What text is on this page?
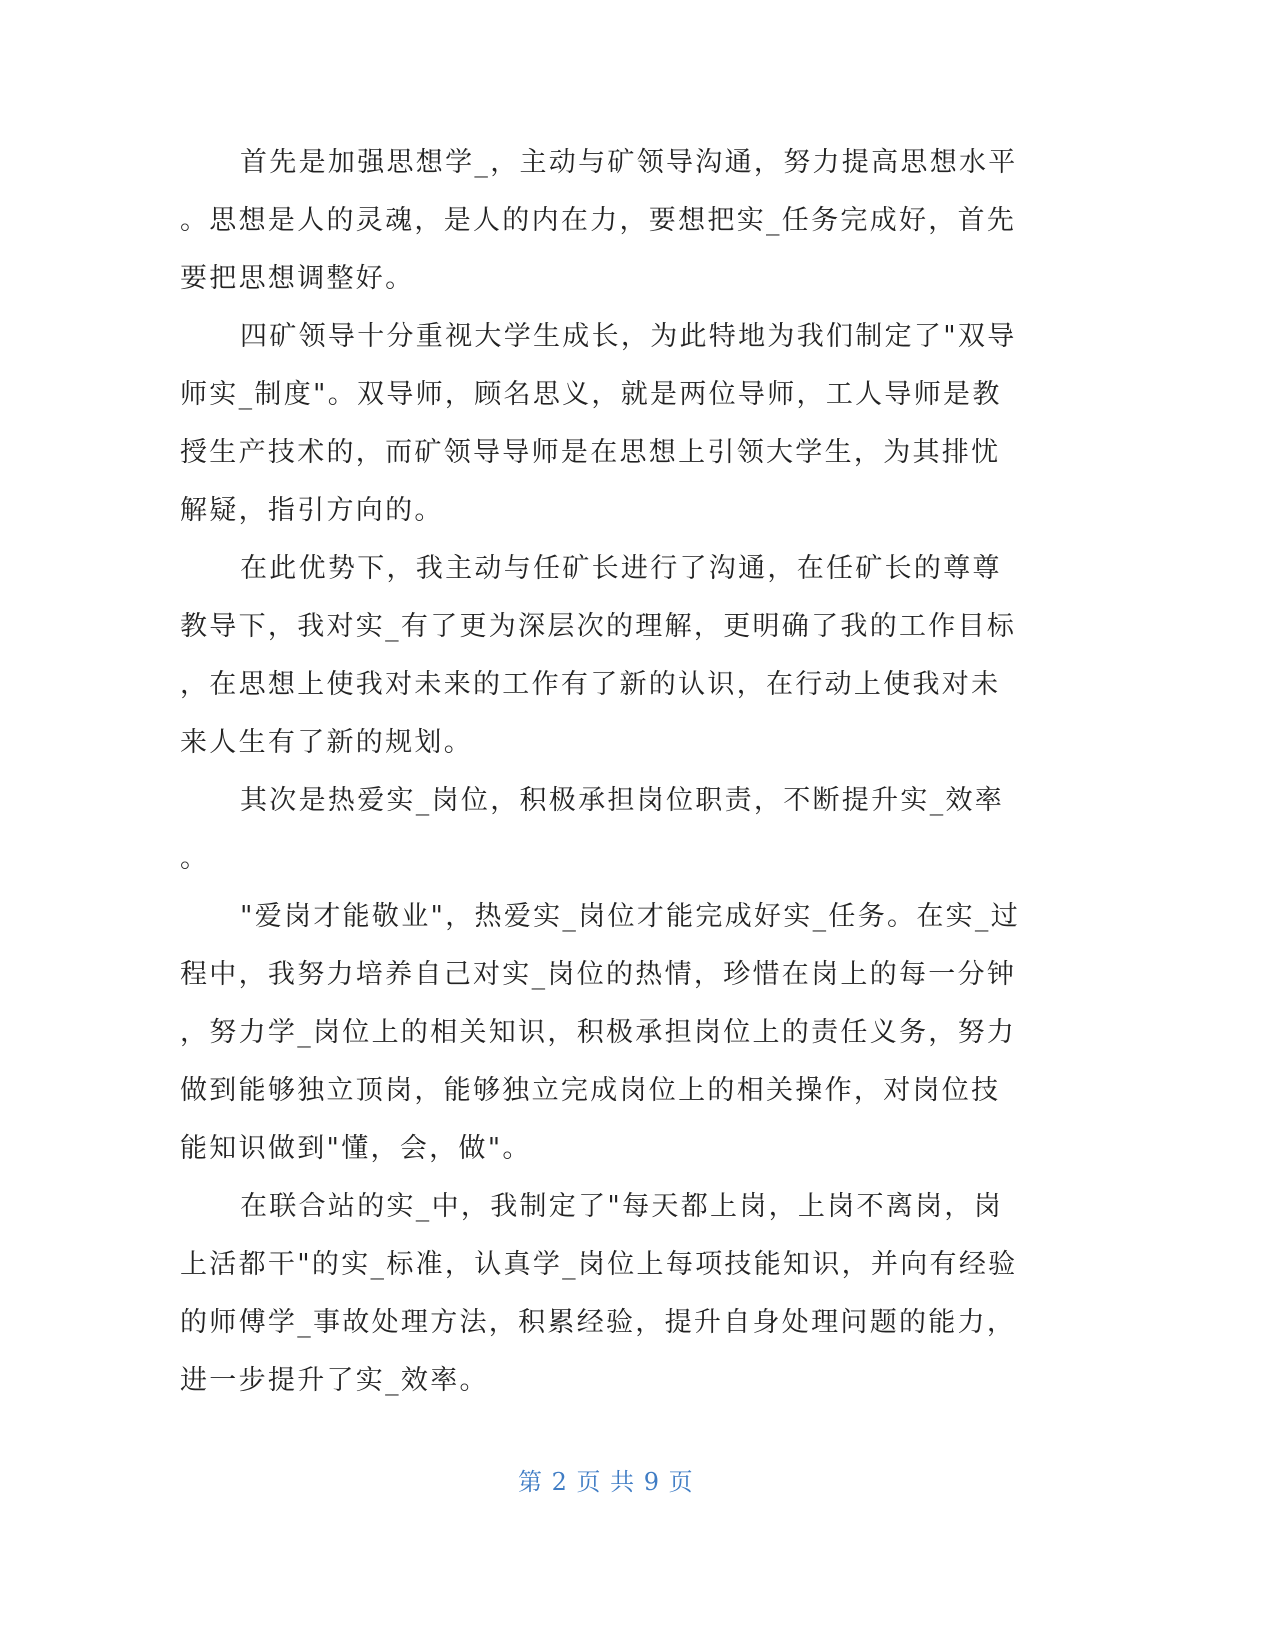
首先是加强思想学_，主动与矿领导沟通，努力提高思想水平
。思想是人的灵魂，是人的内在力，要想把实_任务完成好，首先
要把思想调整好。
四矿领导十分重视大学生成长，为此特地为我们制定了"双导
师实_制度"。双导师，顾名思义，就是两位导师，工人导师是教
授生产技术的，而矿领导导师是在思想上引领大学生，为其排忧
解疑，指引方向的。
在此优势下，我主动与任矿长进行了沟通，在任矿长的尊尊
教导下，我对实_有了更为深层次的理解，更明确了我的工作目标
，在思想上使我对未来的工作有了新的认识，在行动上使我对未
来人生有了新的规划。
其次是热爱实_岗位，积极承担岗位职责，不断提升实_效率
。
"爱岗才能敬业"，热爱实_岗位才能完成好实_任务。在实_过
程中，我努力培养自己对实_岗位的热情，珍惜在岗上的每一分钟
，努力学_岗位上的相关知识，积极承担岗位上的责任义务，努力
做到能够独立顶岗，能够独立完成岗位上的相关操作，对岗位技
能知识做到"懂，会，做"。
在联合站的实_中，我制定了"每天都上岗，上岗不离岗，岗
上活都干"的实_标准，认真学_岗位上每项技能知识，并向有经验
的师傅学_事故处理方法，积累经验，提升自身处理问题的能力，
进一步提升了实_效率。
第 2 页 共 9 页
